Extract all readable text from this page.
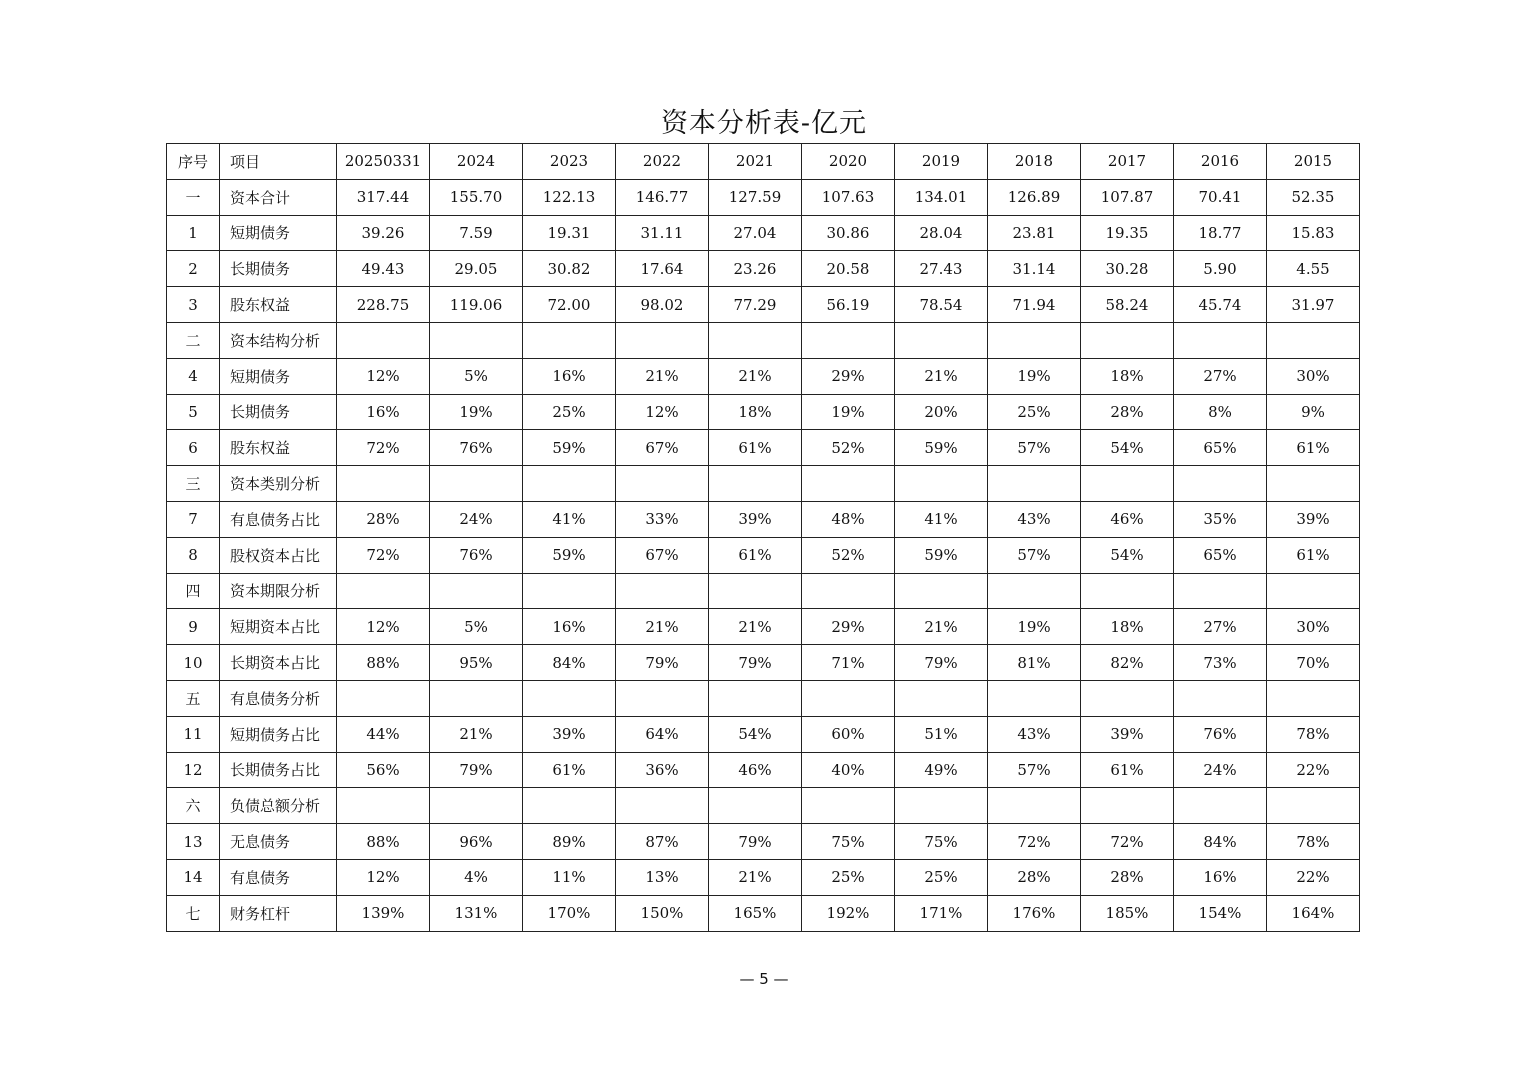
资本分析表-亿元
序号	项目	20250331	2024	2023	2022	2021	2020	2019	2018	2017	2016	2015
一	资本合计	317.44	155.70	122.13	146.77	127.59	107.63	134.01	126.89	107.87	70.41	52.35
1	短期债务	39.26	7.59	19.31	31.11	27.04	30.86	28.04	23.81	19.35	18.77	15.83
2	长期债务	49.43	29.05	30.82	17.64	23.26	20.58	27.43	31.14	30.28	5.90	4.55
3	股东权益	228.75	119.06	72.00	98.02	77.29	56.19	78.54	71.94	58.24	45.74	31.97
二	资本结构分析											
4	短期债务	12%	5%	16%	21%	21%	29%	21%	19%	18%	27%	30%
5	长期债务	16%	19%	25%	12%	18%	19%	20%	25%	28%	8%	9%
6	股东权益	72%	76%	59%	67%	61%	52%	59%	57%	54%	65%	61%
三	资本类别分析											
7	有息债务占比	28%	24%	41%	33%	39%	48%	41%	43%	46%	35%	39%
8	股权资本占比	72%	76%	59%	67%	61%	52%	59%	57%	54%	65%	61%
四	资本期限分析											
9	短期资本占比	12%	5%	16%	21%	21%	29%	21%	19%	18%	27%	30%
10	长期资本占比	88%	95%	84%	79%	79%	71%	79%	81%	82%	73%	70%
五	有息债务分析											
11	短期债务占比	44%	21%	39%	64%	54%	60%	51%	43%	39%	76%	78%
12	长期债务占比	56%	79%	61%	36%	46%	40%	49%	57%	61%	24%	22%
六	负债总额分析											
13	无息债务	88%	96%	89%	87%	79%	75%	75%	72%	72%	84%	78%
14	有息债务	12%	4%	11%	13%	21%	25%	25%	28%	28%	16%	22%
七	财务杠杆	139%	131%	170%	150%	165%	192%	171%	176%	185%	154%	164%
— 5 —
